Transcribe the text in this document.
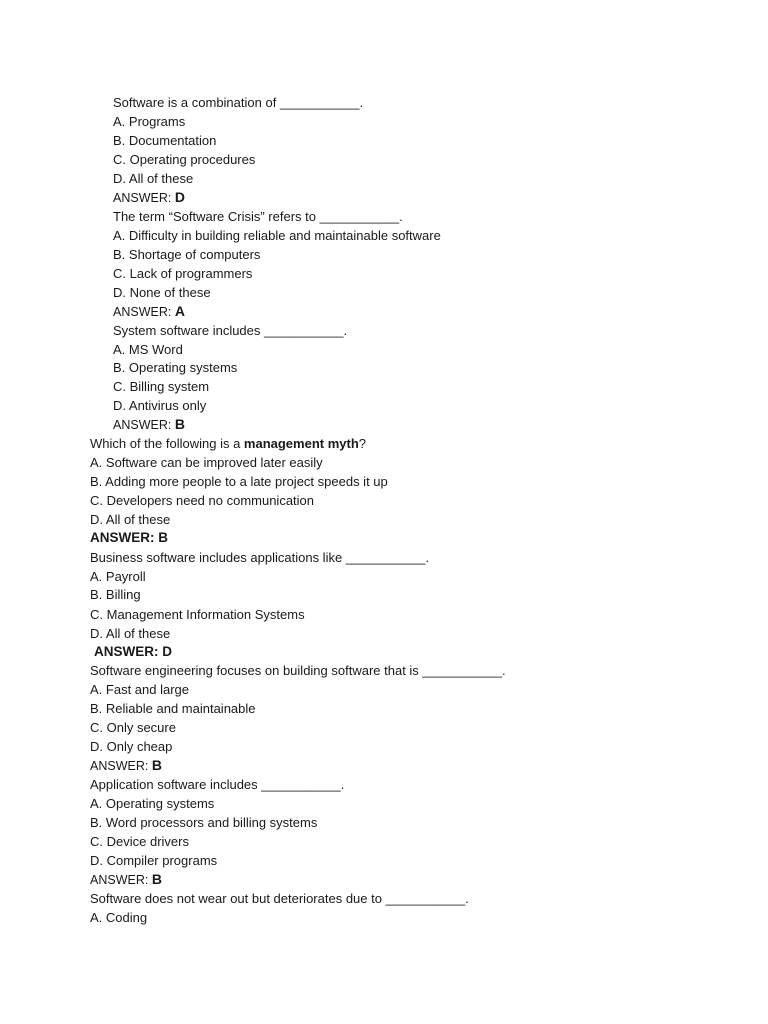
Software is a combination of ___________.
A. Programs
B. Documentation
C. Operating procedures
D. All of these
ANSWER: D
The term “Software Crisis” refers to ___________.
A. Difficulty in building reliable and maintainable software
B. Shortage of computers
C. Lack of programmers
D. None of these
ANSWER: A
System software includes ___________.
A. MS Word
B. Operating systems
C. Billing system
D. Antivirus only
ANSWER: B
Which of the following is a management myth?
A. Software can be improved later easily
B. Adding more people to a late project speeds it up
C. Developers need no communication
D. All of these
ANSWER: B
Business software includes applications like ___________.
A. Payroll
B. Billing
C. Management Information Systems
D. All of these
ANSWER: D
Software engineering focuses on building software that is ___________.
A. Fast and large
B. Reliable and maintainable
C. Only secure
D. Only cheap
ANSWER: B
Application software includes ___________.
A. Operating systems
B. Word processors and billing systems
C. Device drivers
D. Compiler programs
ANSWER: B
Software does not wear out but deteriorates due to ___________.
A. Coding
